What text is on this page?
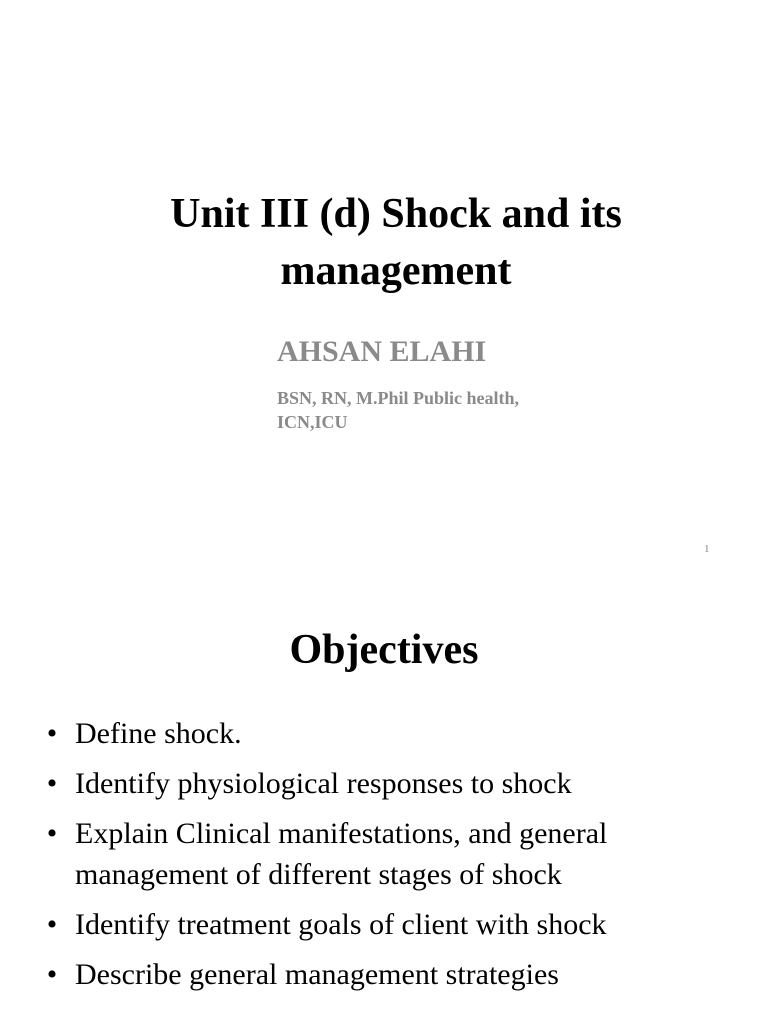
Unit III (d) Shock and its management

AHSAN ELAHI

BSN, RN, M.Phil Public health, ICN,ICU

1
Objectives
• Define shock.
• Identify physiological responses to shock
• Explain Clinical manifestations, and general management of different stages of shock
• Identify treatment goals of client with shock
• Describe general management strategies
